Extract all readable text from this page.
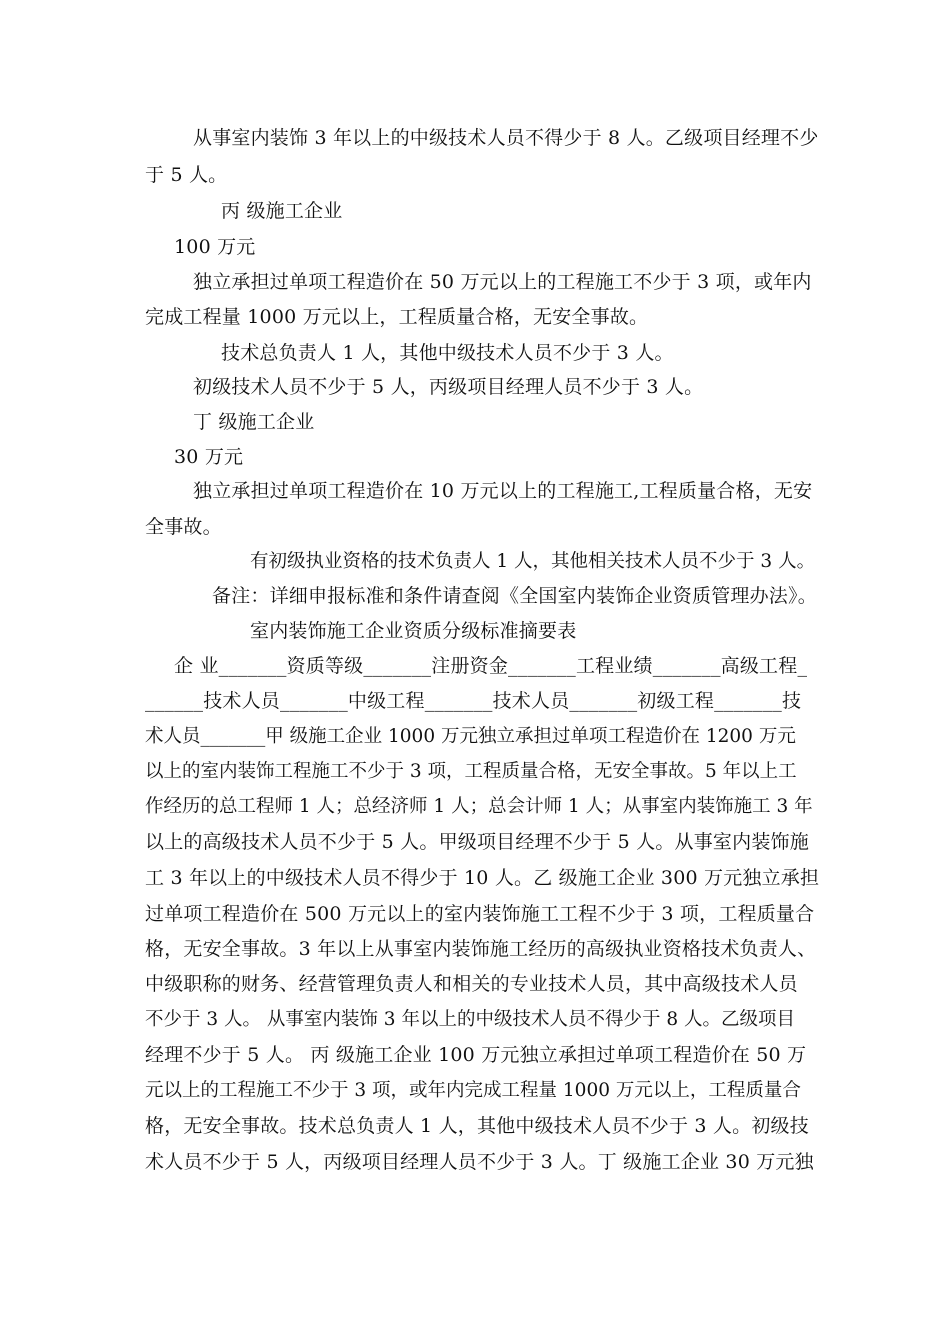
从事室内装饰 3 年以上的中级技术人员不得少于 8 人。乙级项目经理不少
于 5 人。
丙 级施工企业
100 万元
独立承担过单项工程造价在 50 万元以上的工程施工不少于 3 项，或年内
完成工程量 1000 万元以上，工程质量合格，无安全事故。
技术总负责人 1 人，其他中级技术人员不少于 3 人。
初级技术人员不少于 5 人，丙级项目经理人员不少于 3 人。
丁 级施工企业
30 万元
独立承担过单项工程造价在 10 万元以上的工程施工,工程质量合格，无安
全事故。
有初级执业资格的技术负责人 1 人，其他相关技术人员不少于 3 人。
备注：详细申报标准和条件请查阅《全国室内装饰企业资质管理办法》。
室内装饰施工企业资质分级标准摘要表
企 业_______资质等级_______注册资金_______工程业绩_______高级工程_
______技术人员_______中级工程_______技术人员_______初级工程_______技
术人员_______甲 级施工企业 1000 万元独立承担过单项工程造价在 1200 万元
以上的室内装饰工程施工不少于 3 项，工程质量合格，无安全事故。5 年以上工
作经历的总工程师 1 人；总经济师 1 人；总会计师 1 人；从事室内装饰施工 3 年
以上的高级技术人员不少于 5 人。甲级项目经理不少于 5 人。从事室内装饰施
工 3 年以上的中级技术人员不得少于 10 人。乙 级施工企业 300 万元独立承担
过单项工程造价在 500 万元以上的室内装饰施工工程不少于 3 项，工程质量合
格，无安全事故。3 年以上从事室内装饰施工经历的高级执业资格技术负责人、
中级职称的财务、经营管理负责人和相关的专业技术人员，其中高级技术人员
不少于 3 人。 从事室内装饰 3 年以上的中级技术人员不得少于 8 人。乙级项目
经理不少于 5 人。 丙 级施工企业 100 万元独立承担过单项工程造价在 50 万
元以上的工程施工不少于 3 项，或年内完成工程量 1000 万元以上，工程质量合
格，无安全事故。技术总负责人 1 人，其他中级技术人员不少于 3 人。初级技
术人员不少于 5 人，丙级项目经理人员不少于 3 人。丁 级施工企业 30 万元独
